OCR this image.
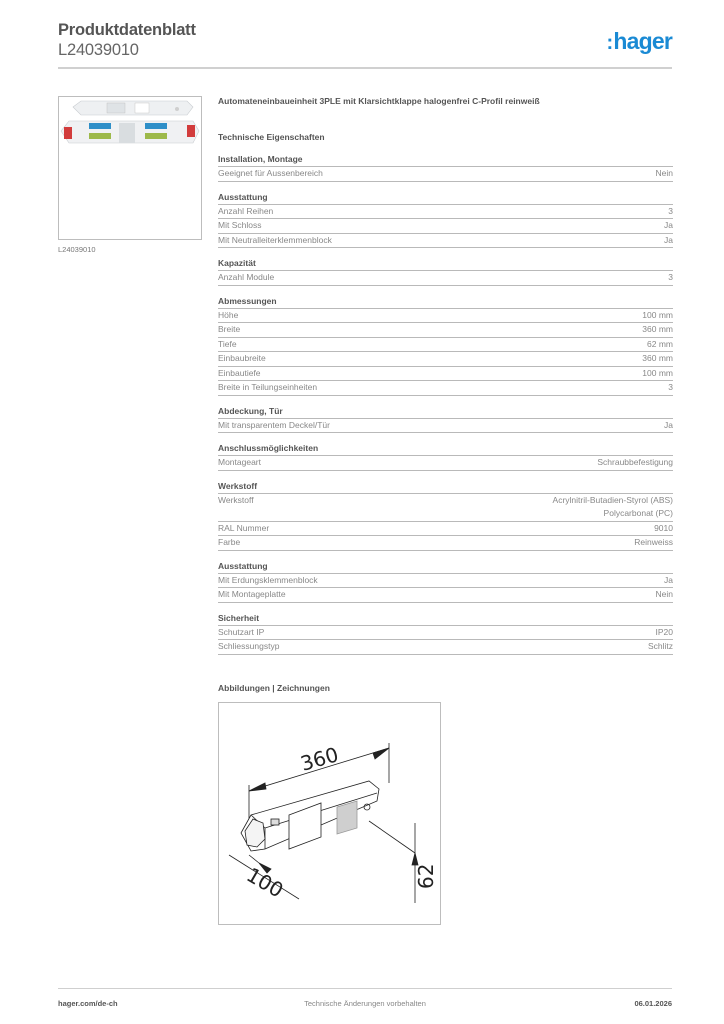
Produktdatenblatt
L24039010	:hager
L24039010
Automateneinbaueinheit 3PLE mit Klarsichtklappe halogenfrei C-Profil reinweiß
Technische Eigenschaften
Installation, Montage
Geeignet für Aussenbereich	Nein
Ausstattung
Anzahl Reihen	3
Mit Schloss	Ja
Mit Neutralleiterklemmenblock	Ja
Kapazität
Anzahl Module	3
Abmessungen
Höhe	100 mm
Breite	360 mm
Tiefe	62 mm
Einbaubreite	360 mm
Einbautiefe	100 mm
Breite in Teilungseinheiten	3
Abdeckung, Tür
Mit transparentem Deckel/Tür	Ja
Anschlussmöglichkeiten
Montageart	Schraubbefestigung
Werkstoff
Werkstoff	Acrylnitril-Butadien-Styrol (ABS)
Polycarbonat (PC)
RAL Nummer	9010
Farbe	Reinweiss
Ausstattung
Mit Erdungsklemmenblock	Ja
Mit Montageplatte	Nein
Sicherheit
Schutzart IP	IP20
Schliessungstyp	Schlitz
Abbildungen | Zeichnungen
360
100	62
hager.com/de-ch	Technische Änderungen vorbehalten	06.01.2026
